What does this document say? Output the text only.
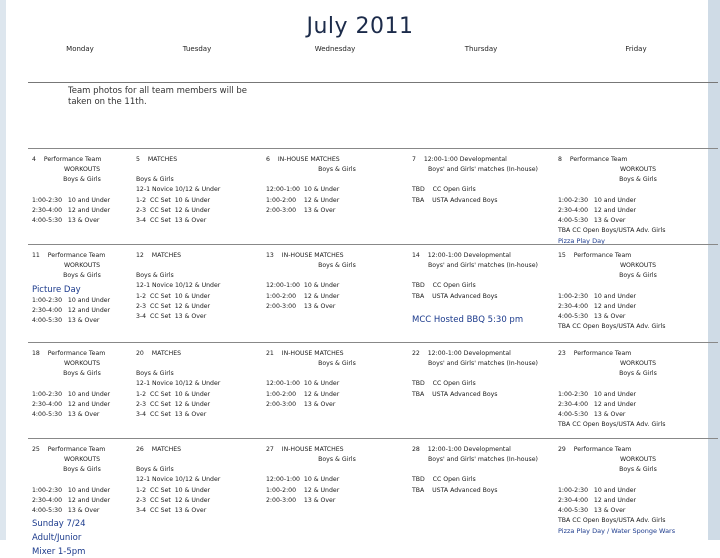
July 2011
Monday	Tuesday	Wednesday	Thursday	Friday
Team photos for all team members will be taken on the 11th.
4 Performance Team
WORKOUTS
Boys & Girls
1:00-2:30   10 and Under
2:30-4:00   12 and Under
4:00-5:30   13 & Over
5 MATCHES
Boys & Girls
12-1 Novice 10/12 & Under
1-2  CC Set  10 & Under
2-3  CC Set  12 & Under
3-4  CC Set  13 & Over
6 IN-HOUSE MATCHES
Boys & Girls
12:00-1:00  10 & Under
1:00-2:00    12 & Under
2:00-3:00    13 & Over
7 12:00-1:00 Developmental
Boys' and Girls' matches (In-house)
TBD    CC Open Girls
TBA    USTA Advanced Boys
8 Performance Team
WORKOUTS
Boys & Girls
1:00-2:30   10 and Under
2:30-4:00   12 and Under
4:00-5:30   13 & Over
TBA CC Open Boys/USTA Adv. Girls
Pizza Play Day
11 Performance Team
WORKOUTS
Boys & Girls
Picture Day
1:00-2:30   10 and Under
2:30-4:00   12 and Under
4:00-5:30   13 & Over
12 MATCHES
Boys & Girls
12-1 Novice 10/12 & Under
1-2  CC Set  10 & Under
2-3  CC Set  12 & Under
3-4  CC Set  13 & Over
13 IN-HOUSE MATCHES
Boys & Girls
12:00-1:00  10 & Under
1:00-2:00    12 & Under
2:00-3:00    13 & Over
14 12:00-1:00 Developmental
Boys' and Girls' matches (In-house)
TBD    CC Open Girls
TBA    USTA Advanced Boys
MCC Hosted BBQ 5:30 pm
15 Performance Team
WORKOUTS
Boys & Girls
1:00-2:30   10 and Under
2:30-4:00   12 and Under
4:00-5:30   13 & Over
TBA CC Open Boys/USTA Adv. Girls
18 Performance Team
WORKOUTS
Boys & Girls
1:00-2:30   10 and Under
2:30-4:00   12 and Under
4:00-5:30   13 & Over
20 MATCHES
Boys & Girls
12-1 Novice 10/12 & Under
1-2  CC Set  10 & Under
2-3  CC Set  12 & Under
3-4  CC Set  13 & Over
21 IN-HOUSE MATCHES
Boys & Girls
12:00-1:00  10 & Under
1:00-2:00    12 & Under
2:00-3:00    13 & Over
22 12:00-1:00 Developmental
Boys' and Girls' matches (In-house)
TBD    CC Open Girls
TBA    USTA Advanced Boys
23 Performance Team
WORKOUTS
Boys & Girls
1:00-2:30   10 and Under
2:30-4:00   12 and Under
4:00-5:30   13 & Over
TBA CC Open Boys/USTA Adv. Girls
25 Performance Team
WORKOUTS
Boys & Girls
1:00-2:30   10 and Under
2:30-4:00   12 and Under
4:00-5:30   13 & Over
Sunday 7/24
Adult/Junior
Mixer 1-5pm
26 MATCHES
Boys & Girls
12-1 Novice 10/12 & Under
1-2  CC Set  10 & Under
2-3  CC Set  12 & Under
3-4  CC Set  13 & Over
27 IN-HOUSE MATCHES
Boys & Girls
12:00-1:00  10 & Under
1:00-2:00    12 & Under
2:00-3:00    13 & Over
28 12:00-1:00 Developmental
Boys' and Girls' matches (In-house)
TBD    CC Open Girls
TBA    USTA Advanced Boys
29 Performance Team
WORKOUTS
Boys & Girls
1:00-2:30   10 and Under
2:30-4:00   12 and Under
4:00-5:30   13 & Over
TBA CC Open Boys/USTA Adv. Girls
Pizza Play Day / Water Sponge Wars
